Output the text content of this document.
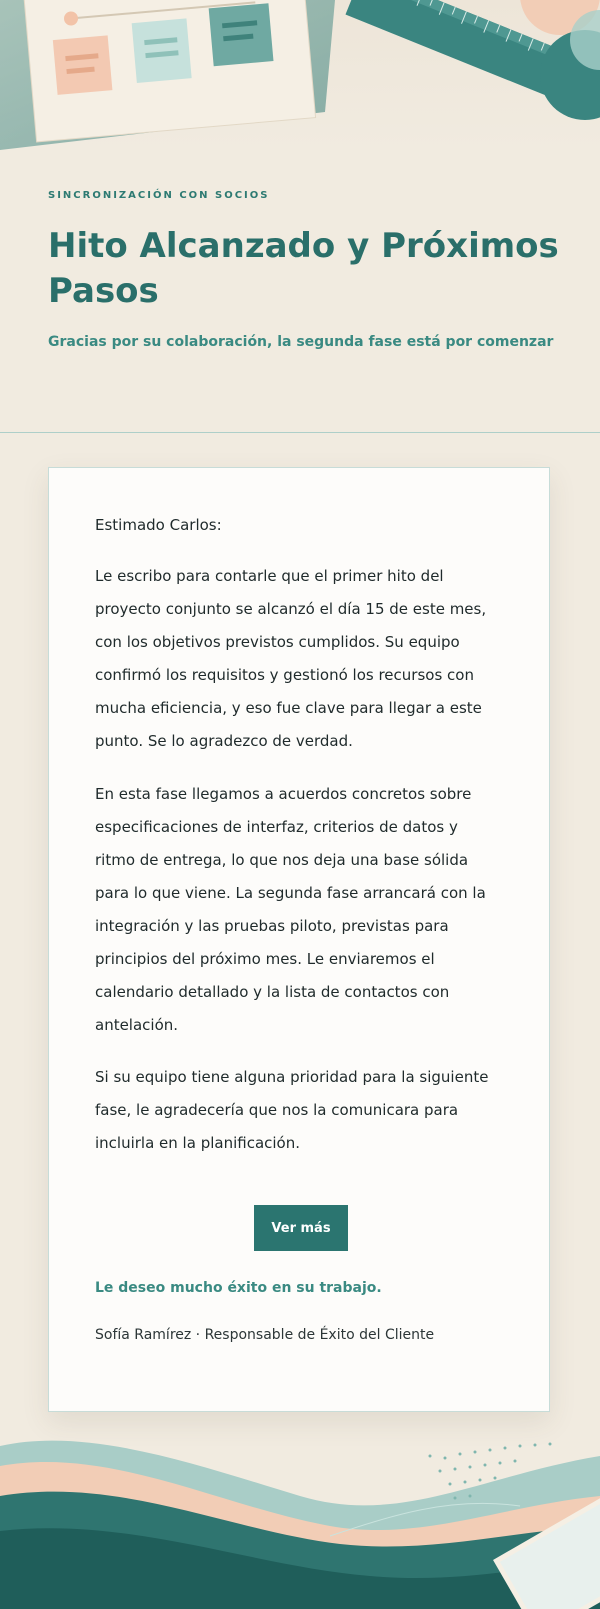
SINCRONIZACIÓN CON SOCIOS
Hito Alcanzado y Próximos Pasos

Gracias por su colaboración, la segunda fase está por comenzar

Estimado Carlos:

Le escribo para contarle que el primer hito del proyecto conjunto se alcanzó el día 15 de este mes, con los objetivos previstos cumplidos. Su equipo confirmó los requisitos y gestionó los recursos con mucha eficiencia, y eso fue clave para llegar a este punto. Se lo agradezco de verdad.

En esta fase llegamos a acuerdos concretos sobre especificaciones de interfaz, criterios de datos y ritmo de entrega, lo que nos deja una base sólida para lo que viene. La segunda fase arrancará con la integración y las pruebas piloto, previstas para principios del próximo mes. Le enviaremos el calendario detallado y la lista de contactos con antelación.

Si su equipo tiene alguna prioridad para la siguiente fase, le agradecería que nos la comunicara para incluirla en la planificación.

Ver más

Le deseo mucho éxito en su trabajo.

Sofía Ramírez · Responsable de Éxito del Cliente
